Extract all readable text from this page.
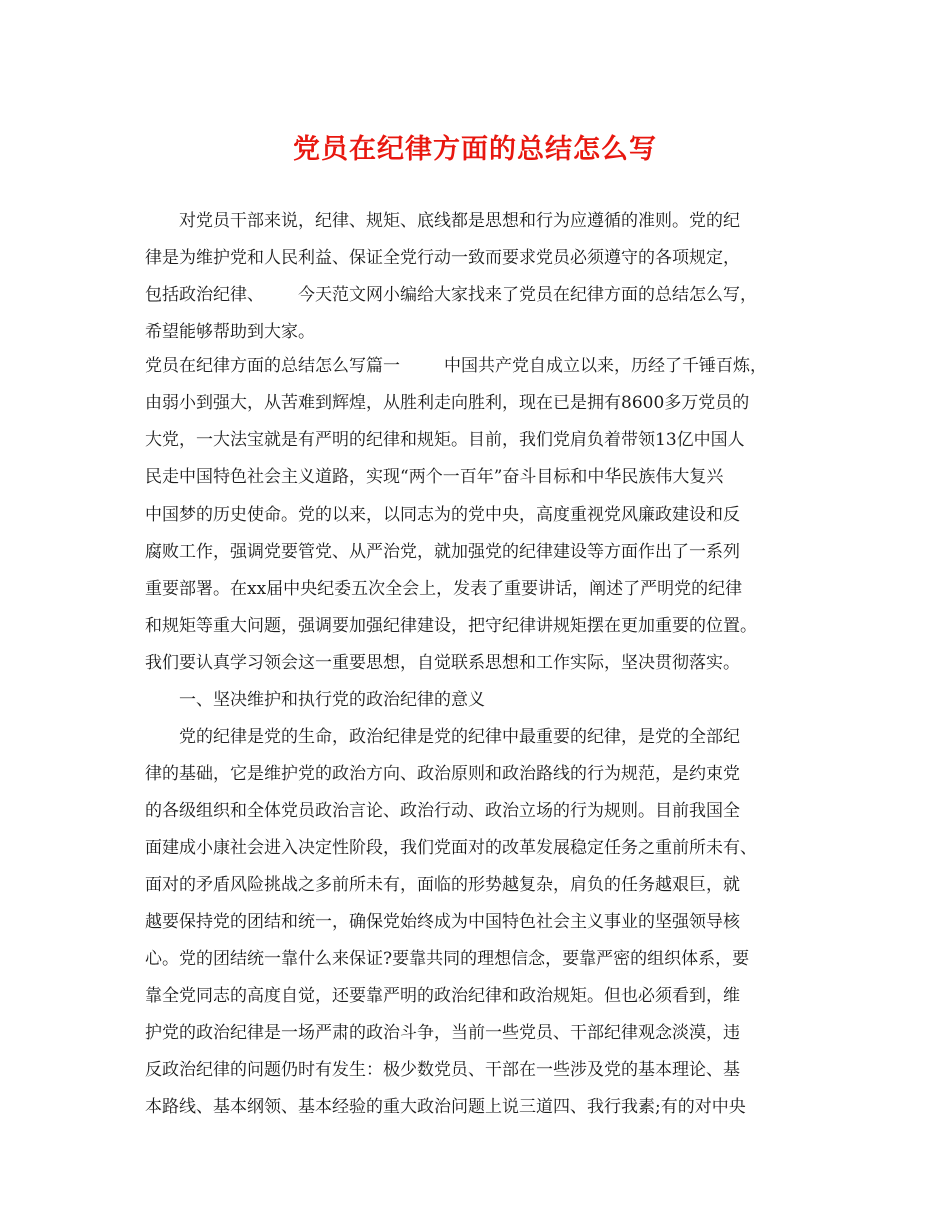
党员在纪律方面的总结怎么写
对党员干部来说，纪律、规矩、底线都是思想和行为应遵循的准则。党的纪
律是为维护党和人民利益、保证全党行动一致而要求党员必须遵守的各项规定，
包括政治纪律、 今天范文网小编给大家找来了党员在纪律方面的总结怎么写，
希望能够帮助到大家。
党员在纪律方面的总结怎么写篇一	中国共产党自成立以来，历经了千锤百炼，
由弱小到强大，从苦难到辉煌，从胜利走向胜利，现在已是拥有8600多万党员的
大党，一大法宝就是有严明的纪律和规矩。目前，我们党肩负着带领13亿中国人
民走中国特色社会主义道路，实现“两个一百年”奋斗目标和中华民族伟大复兴
中国梦的历史使命。党的以来，以同志为的党中央，高度重视党风廉政建设和反
腐败工作，强调党要管党、从严治党，就加强党的纪律建设等方面作出了一系列
重要部署。在xx届中央纪委五次全会上，发表了重要讲话，阐述了严明党的纪律
和规矩等重大问题，强调要加强纪律建设，把守纪律讲规矩摆在更加重要的位置。
我们要认真学习领会这一重要思想，自觉联系思想和工作实际，坚决贯彻落实。
一、坚决维护和执行党的政治纪律的意义
党的纪律是党的生命，政治纪律是党的纪律中最重要的纪律，是党的全部纪
律的基础，它是维护党的政治方向、政治原则和政治路线的行为规范，是约束党
的各级组织和全体党员政治言论、政治行动、政治立场的行为规则。目前我国全
面建成小康社会进入决定性阶段，我们党面对的改革发展稳定任务之重前所未有、
面对的矛盾风险挑战之多前所未有，面临的形势越复杂，肩负的任务越艰巨，就
越要保持党的团结和统一，确保党始终成为中国特色社会主义事业的坚强领导核
心。党的团结统一靠什么来保证?要靠共同的理想信念，要靠严密的组织体系，要
靠全党同志的高度自觉，还要靠严明的政治纪律和政治规矩。但也必须看到，维
护党的政治纪律是一场严肃的政治斗争，当前一些党员、干部纪律观念淡漠，违
反政治纪律的问题仍时有发生：极少数党员、干部在一些涉及党的基本理论、基
本路线、基本纲领、基本经验的重大政治问题上说三道四、我行我素;有的对中央
